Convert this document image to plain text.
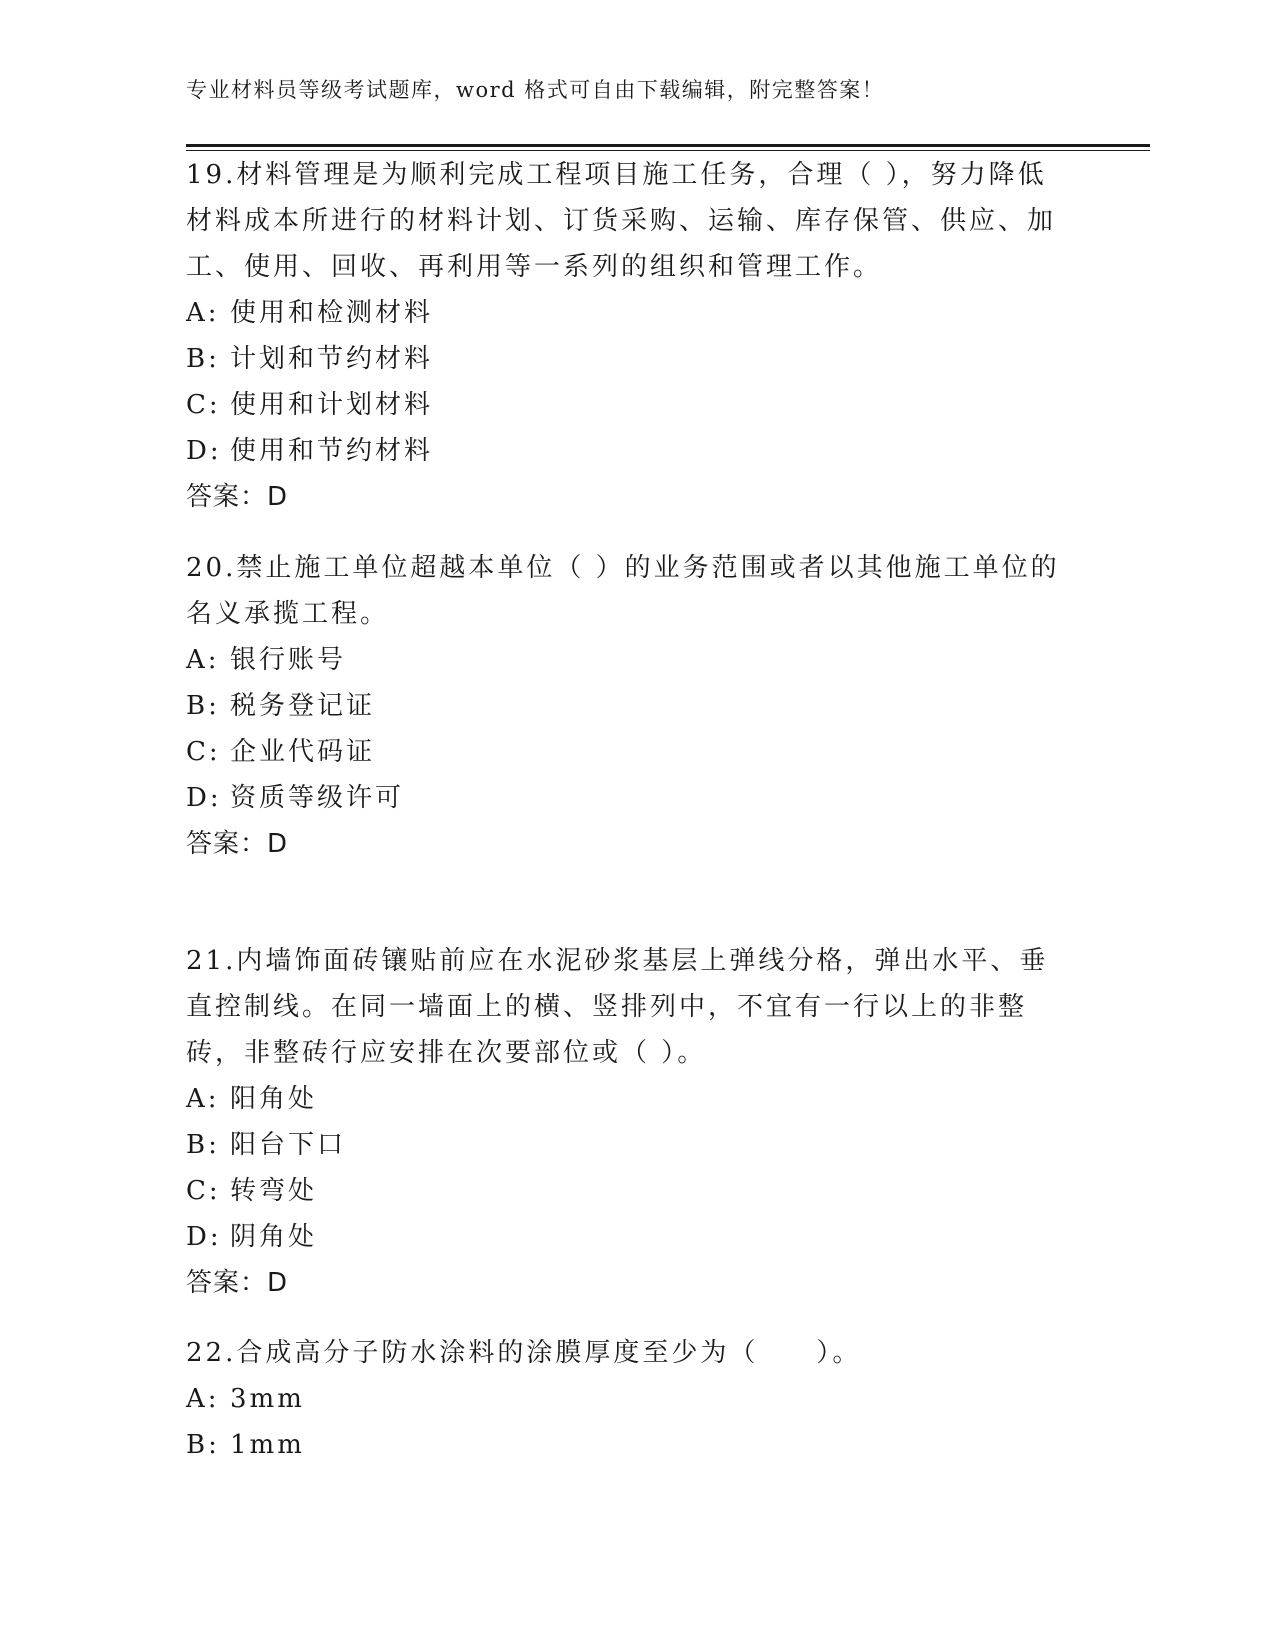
专业材料员等级考试题库，word 格式可自由下载编辑，附完整答案！

19.材料管理是为顺利完成工程项目施工任务，合理（ ），努力降低材料成本所进行的材料计划、订货采购、运输、库存保管、供应、加工、使用、回收、再利用等一系列的组织和管理工作。

A: 使用和检测材料
B: 计划和节约材料
C: 使用和计划材料
D: 使用和节约材料
答案：D

20.禁止施工单位超越本单位（ ）的业务范围或者以其他施工单位的名义承揽工程。

A: 银行账号
B: 税务登记证
C: 企业代码证
D: 资质等级许可
答案：D

21.内墙饰面砖镶贴前应在水泥砂浆基层上弹线分格，弹出水平、垂直控制线。在同一墙面上的横、竖排列中，不宜有一行以上的非整砖，非整砖行应安排在次要部位或（ ）。

A: 阳角处
B: 阳台下口
C: 转弯处
D: 阴角处
答案：D

22.合成高分子防水涂料的涂膜厚度至少为（　　）。

A: 3mm
B: 1mm
